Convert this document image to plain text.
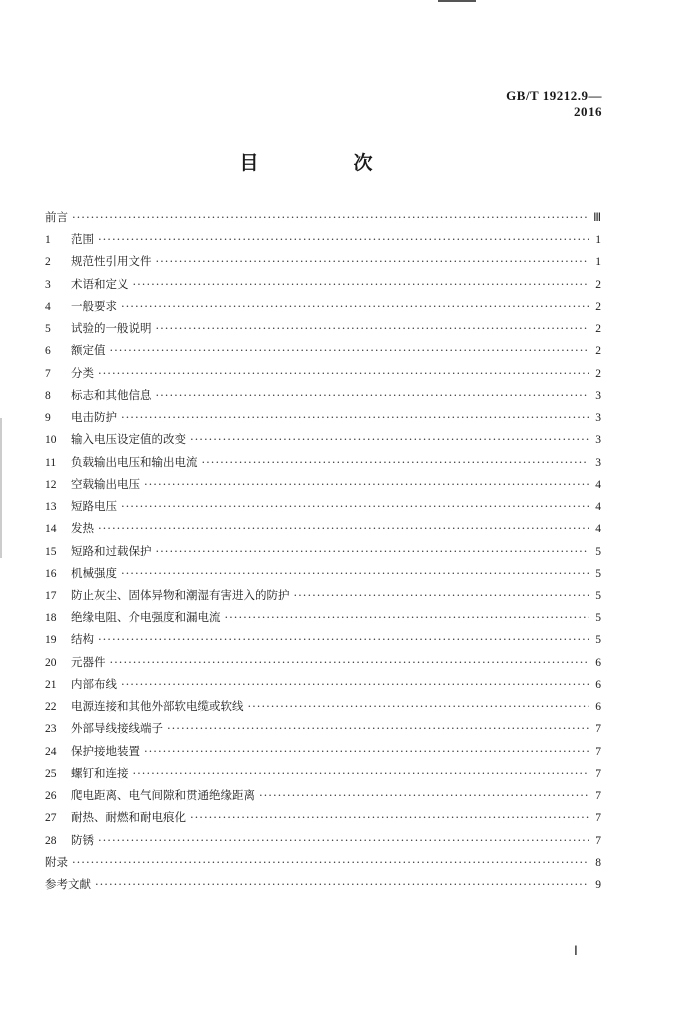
GB/T 19212.9—2016
目　次
前言 ·····	Ⅲ
1	范围 ·····	1
2	规范性引用文件 ·····	1
3	术语和定义 ·····	2
4	一般要求 ·····	2
5	试验的一般说明 ·····	2
6	额定值 ·····	2
7	分类 ·····	2
8	标志和其他信息 ·····	3
9	电击防护 ·····	3
10	输入电压设定值的改变 ·····	3
11	负载输出电压和输出电流 ·····	3
12	空载输出电压 ·····	4
13	短路电压 ·····	4
14	发热 ·····	4
15	短路和过载保护 ·····	5
16	机械强度 ·····	5
17	防止灰尘、固体异物和潮湿有害进入的防护 ·····	5
18	绝缘电阻、介电强度和漏电流 ·····	5
19	结构 ·····	5
20	元器件 ·····	6
21	内部布线 ·····	6
22	电源连接和其他外部软电缆或软线 ·····	6
23	外部导线接线端子 ·····	7
24	保护接地装置 ·····	7
25	螺钉和连接 ·····	7
26	爬电距离、电气间隙和贯通绝缘距离 ·····	7
27	耐热、耐燃和耐电痕化 ·····	7
28	防锈 ·····	7
附录 ·····	8
参考文献 ·····	9
Ⅰ
